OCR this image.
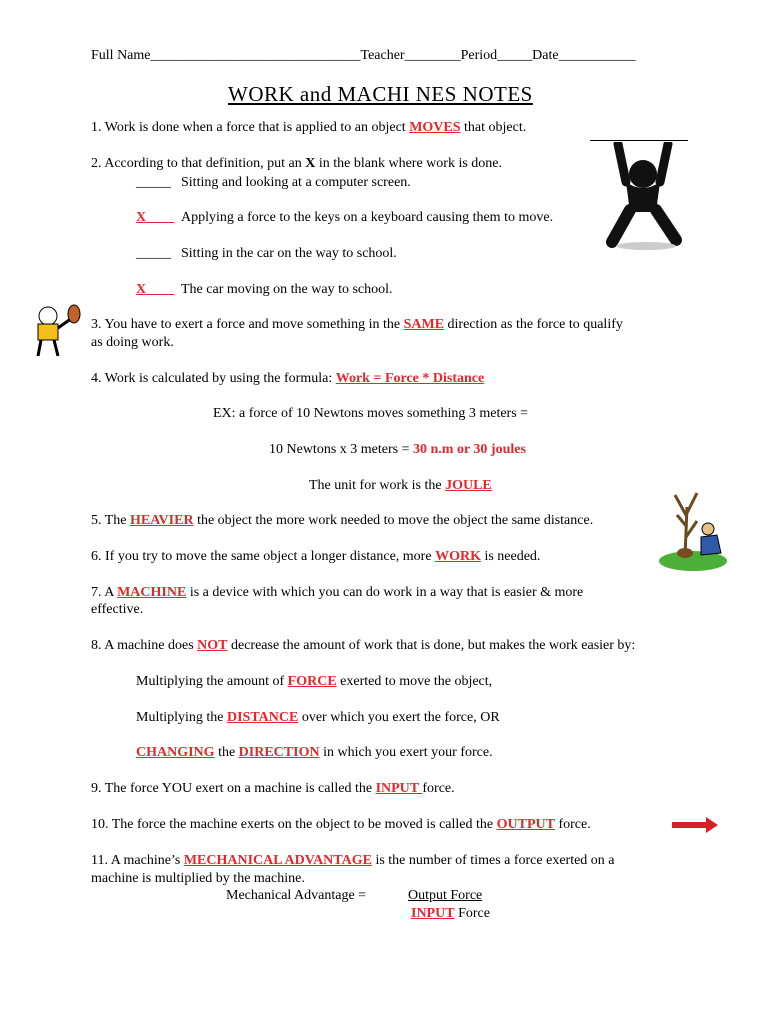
Full Name______________________________Teacher________Period_____Date___________
WORK and MACHI NES NOTES
1. Work is done when a force that is applied to an object MOVES that object.
2. According to that definition, put an X in the blank where work is done.
_____ Sitting and looking at a computer screen.
X____ Applying a force to the keys on a keyboard causing them to move.
_____ Sitting in the car on the way to school.
X____ The car moving on the way to school.
3. You have to exert a force and move something in the SAME direction as the force to qualify
as doing work.
4. Work is calculated by using the formula: Work = Force * Distance
EX: a force of 10 Newtons moves something 3 meters =
10 Newtons x 3 meters = 30 n.m or 30 joules
The unit for work is the JOULE
5. The HEAVIER the object the more work needed to move the object the same distance.
6. If you try to move the same object a longer distance, more WORK is needed.
7. A MACHINE is a device with which you can do work in a way that is easier & more
effective.
8. A machine does NOT decrease the amount of work that is done, but makes the work easier by:
Multiplying the amount of FORCE exerted to move the object,
Multiplying the DISTANCE over which you exert the force, OR
CHANGING the DIRECTION in which you exert your force.
9. The force YOU exert on a machine is called the INPUT force.
10. The force the machine exerts on the object to be moved is called the OUTPUT force.
11. A machine’s MECHANICAL ADVANTAGE is the number of times a force exerted on a
machine is multiplied by the machine.
Mechanical Advantage =	Output Force
INPUT Force
